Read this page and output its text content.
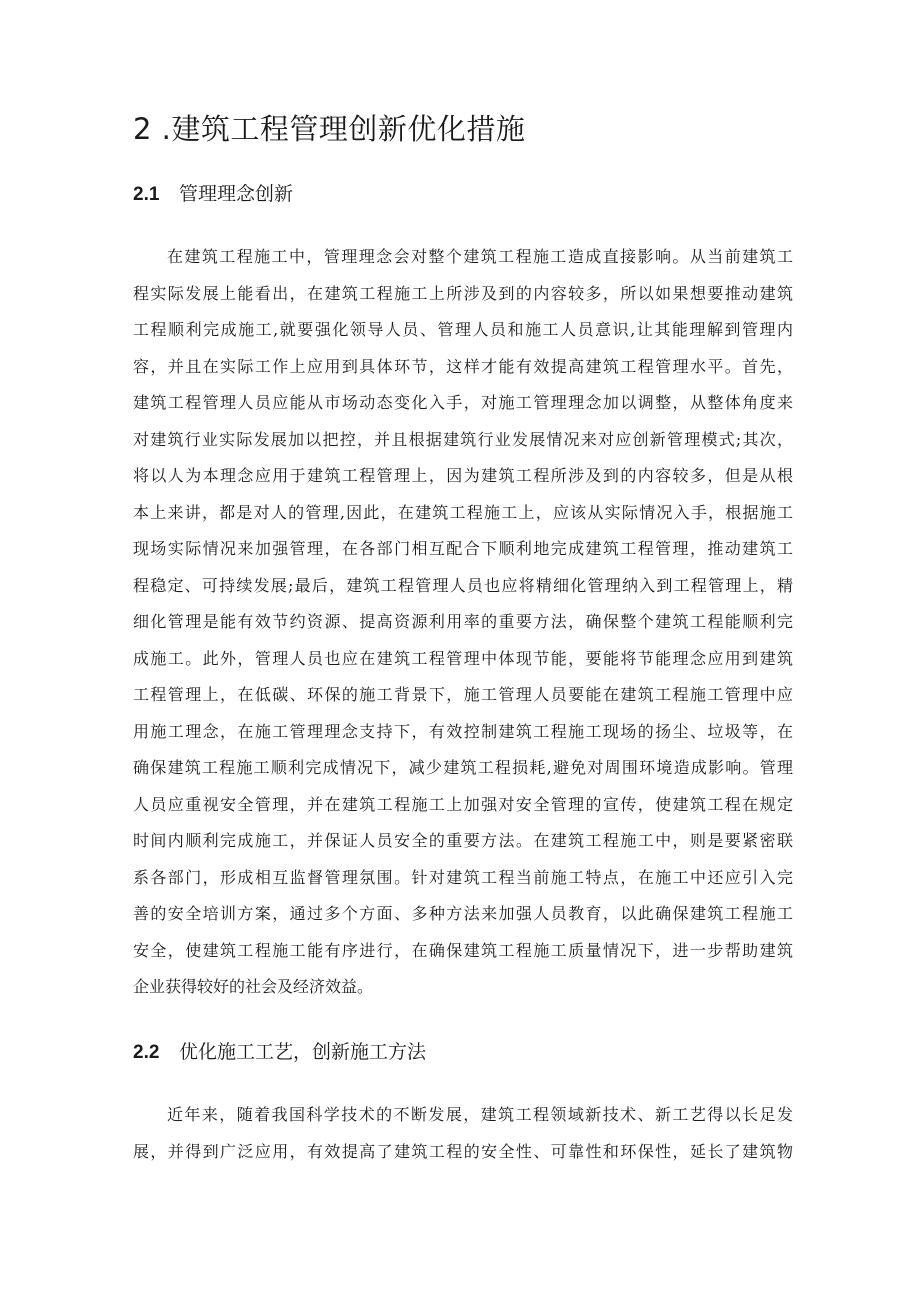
2 .建筑工程管理创新优化措施
2.1 管理理念创新
在建筑工程施工中，管理理念会对整个建筑工程施工造成直接影响。从当前建筑工
程实际发展上能看出，在建筑工程施工上所涉及到的内容较多，所以如果想要推动建筑
工程顺利完成施工,就要强化领导人员、管理人员和施工人员意识,让其能理解到管理内
容，并且在实际工作上应用到具体环节，这样才能有效提高建筑工程管理水平。首先，
建筑工程管理人员应能从市场动态变化入手，对施工管理理念加以调整，从整体角度来
对建筑行业实际发展加以把控，并且根据建筑行业发展情况来对应创新管理模式;其次，
将以人为本理念应用于建筑工程管理上，因为建筑工程所涉及到的内容较多，但是从根
本上来讲，都是对人的管理,因此，在建筑工程施工上，应该从实际情况入手，根据施工
现场实际情况来加强管理，在各部门相互配合下顺利地完成建筑工程管理，推动建筑工
程稳定、可持续发展;最后，建筑工程管理人员也应将精细化管理纳入到工程管理上，精
细化管理是能有效节约资源、提高资源利用率的重要方法，确保整个建筑工程能顺利完
成施工。此外，管理人员也应在建筑工程管理中体现节能，要能将节能理念应用到建筑
工程管理上，在低碳、环保的施工背景下，施工管理人员要能在建筑工程施工管理中应
用施工理念，在施工管理理念支持下，有效控制建筑工程施工现场的扬尘、垃圾等，在
确保建筑工程施工顺利完成情况下，减少建筑工程损耗,避免对周围环境造成影响。管理
人员应重视安全管理，并在建筑工程施工上加强对安全管理的宣传，使建筑工程在规定
时间内顺利完成施工，并保证人员安全的重要方法。在建筑工程施工中，则是要紧密联
系各部门，形成相互监督管理氛围。针对建筑工程当前施工特点，在施工中还应引入完
善的安全培训方案，通过多个方面、多种方法来加强人员教育，以此确保建筑工程施工
安全，使建筑工程施工能有序进行，在确保建筑工程施工质量情况下，进一步帮助建筑
企业获得较好的社会及经济效益。
2.2 优化施工工艺，创新施工方法
近年来，随着我国科学技术的不断发展，建筑工程领域新技术、新工艺得以长足发
展，并得到广泛应用，有效提高了建筑工程的安全性、可靠性和环保性，延长了建筑物
